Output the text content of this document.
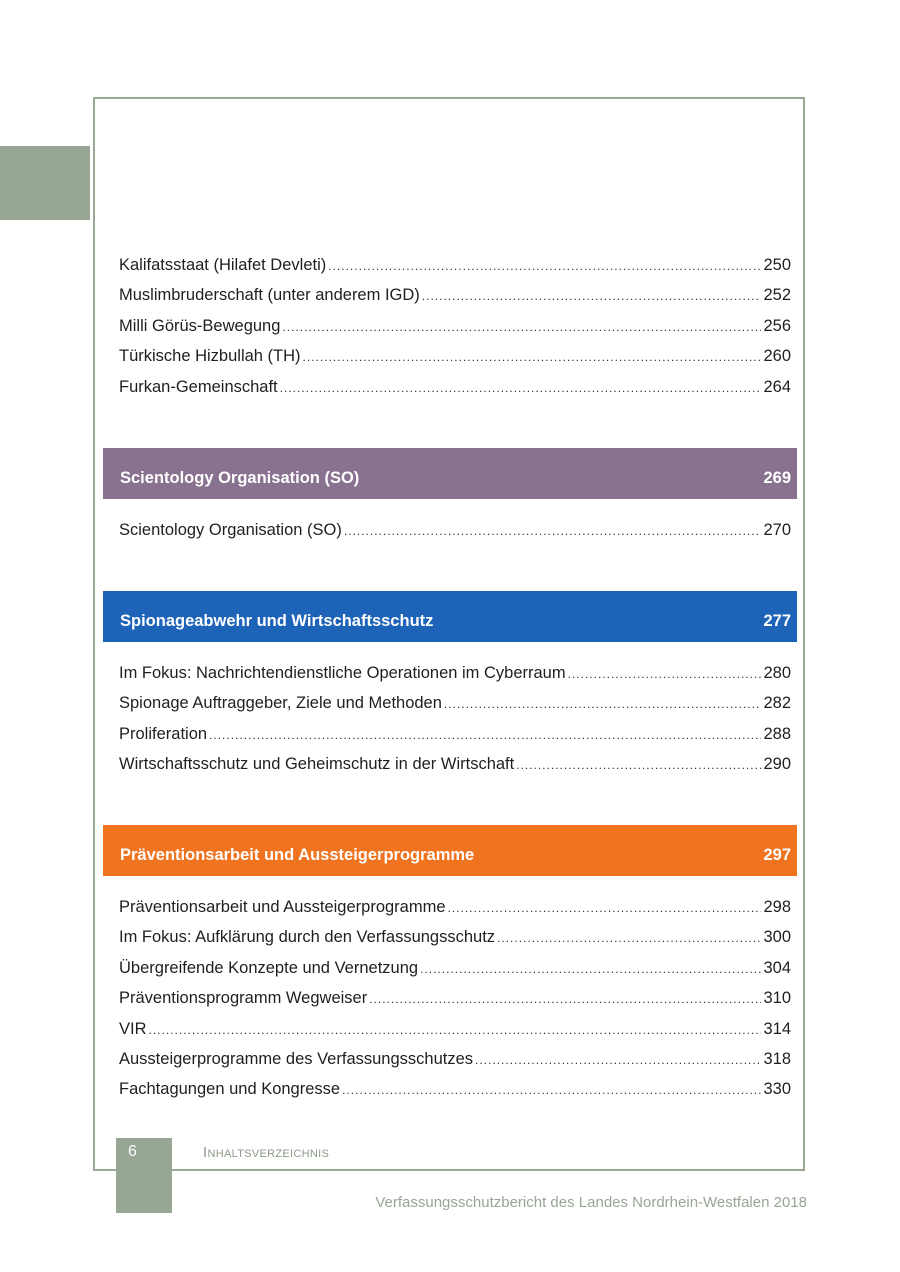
Kalifatsstaat (Hilafet Devleti) .....	250
Muslimbruderschaft (unter anderem IGD) .....	252
Milli Görüs-Bewegung .....	256
Türkische Hizbullah (TH) .....	260
Furkan-Gemeinschaft .....	264
Scientology Organisation (SO)	269
Scientology Organisation (SO) .....	270
Spionageabwehr und Wirtschaftsschutz	277
Im Fokus: Nachrichtendienstliche Operationen im Cyberraum .....	280
Spionage Auftraggeber, Ziele und Methoden .....	282
Proliferation .....	288
Wirtschaftsschutz und Geheimschutz in der Wirtschaft .....	290
Präventionsarbeit und Aussteigerprogramme	297
Präventionsarbeit und Aussteigerprogramme .....	298
Im Fokus: Aufklärung durch den Verfassungsschutz .....	300
Übergreifende Konzepte und Vernetzung .....	304
Präventionsprogramm Wegweiser .....	310
VIR .....	314
Aussteigerprogramme des Verfassungsschutzes .....	318
Fachtagungen und Kongresse .....	330
6	Inhaltsverzeichnis
Verfassungsschutzbericht des Landes Nordrhein-Westfalen 2018
